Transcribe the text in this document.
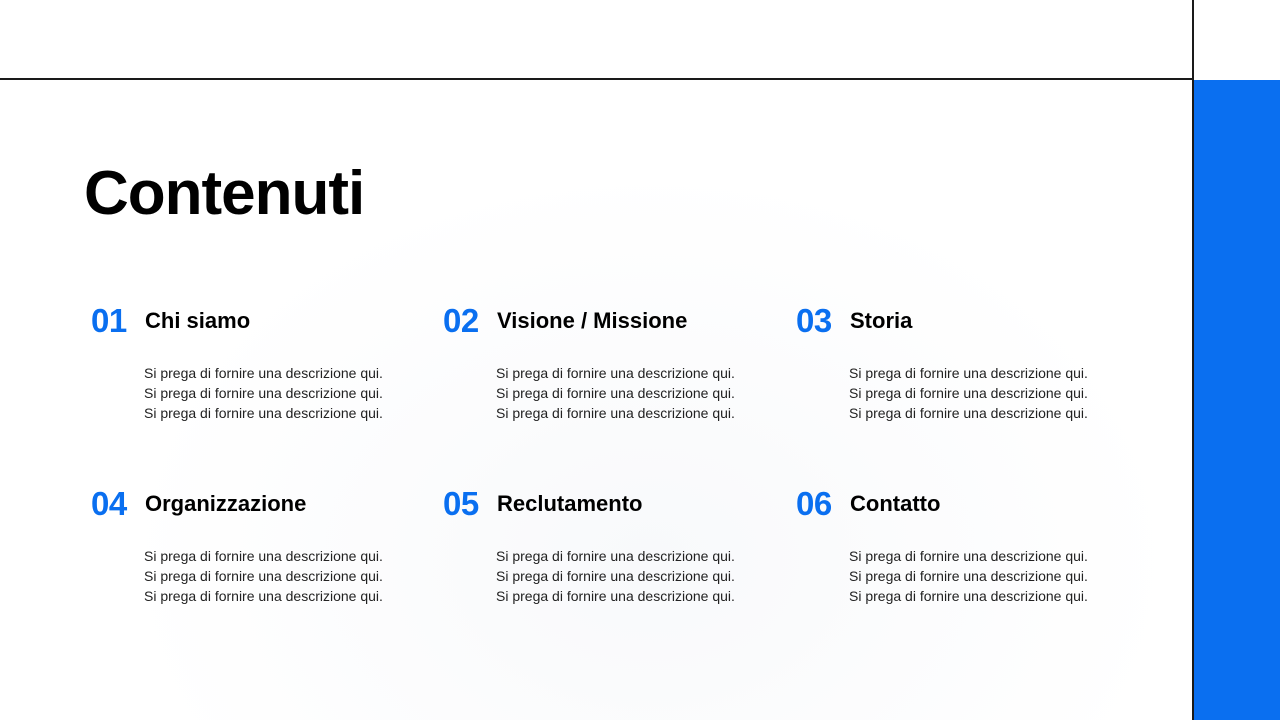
Contenuti
01 Chi siamo
Si prega di fornire una descrizione qui.
Si prega di fornire una descrizione qui.
Si prega di fornire una descrizione qui.
02 Visione / Missione
Si prega di fornire una descrizione qui.
Si prega di fornire una descrizione qui.
Si prega di fornire una descrizione qui.
03 Storia
Si prega di fornire una descrizione qui.
Si prega di fornire una descrizione qui.
Si prega di fornire una descrizione qui.
04 Organizzazione
Si prega di fornire una descrizione qui.
Si prega di fornire una descrizione qui.
Si prega di fornire una descrizione qui.
05 Reclutamento
Si prega di fornire una descrizione qui.
Si prega di fornire una descrizione qui.
Si prega di fornire una descrizione qui.
06 Contatto
Si prega di fornire una descrizione qui.
Si prega di fornire una descrizione qui.
Si prega di fornire una descrizione qui.
